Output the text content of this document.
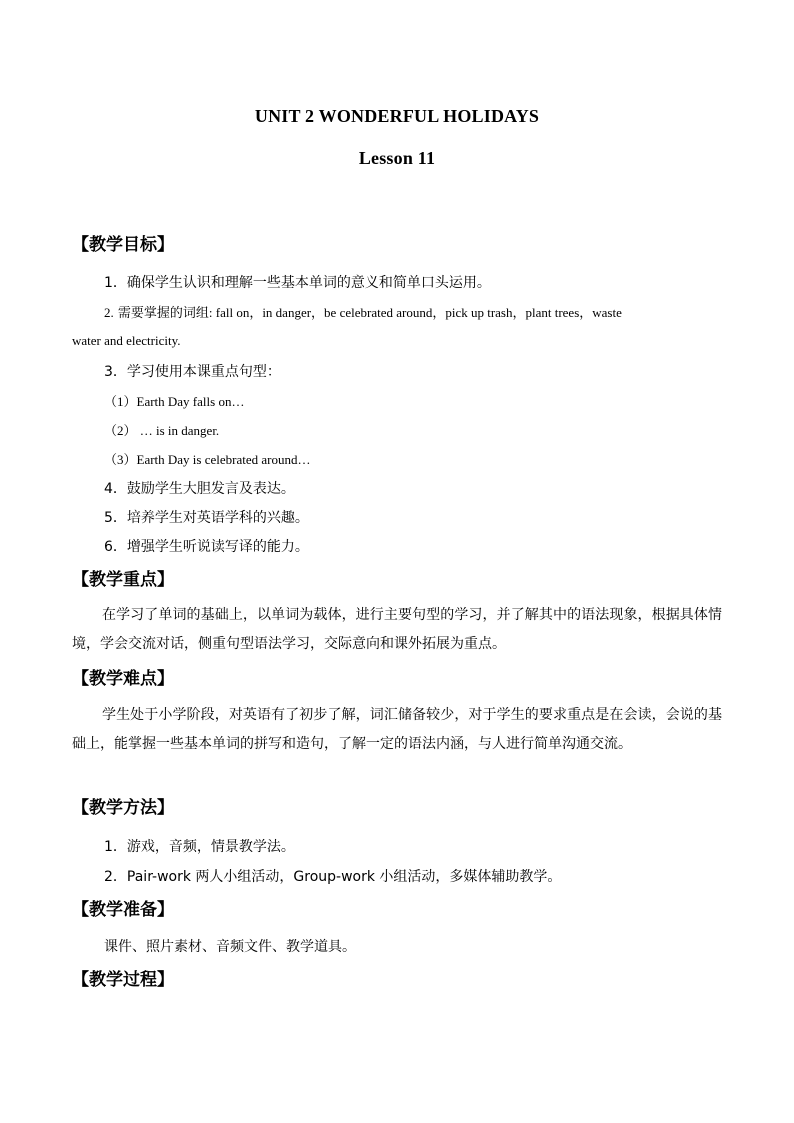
UNIT 2 WONDERFUL HOLIDAYS
Lesson 11
【教学目标】
1．确保学生认识和理解一些基本单词的意义和简单口头运用。
2. 需要掌握的词组: fall on，in danger，be celebrated around，pick up trash，plant trees，waste
water and electricity.
3．学习使用本课重点句型：
（1）Earth Day falls on…
（2） … is in danger.
（3）Earth Day is celebrated around…
4．鼓励学生大胆发言及表达。
5．培养学生对英语学科的兴趣。
6．增强学生听说读写译的能力。
【教学重点】
在学习了单词的基础上，以单词为载体，进行主要句型的学习，并了解其中的语法现象，根据具体情境，学会交流对话，侧重句型语法学习，交际意向和课外拓展为重点。
【教学难点】
学生处于小学阶段，对英语有了初步了解，词汇储备较少，对于学生的要求重点是在会读，会说的基础上，能掌握一些基本单词的拼写和造句，了解一定的语法内涵，与人进行简单沟通交流。
【教学方法】
1．游戏，音频，情景教学法。
2．Pair-work 两人小组活动，Group-work 小组活动，多媒体辅助教学。
【教学准备】
课件、照片素材、音频文件、教学道具。
【教学过程】
